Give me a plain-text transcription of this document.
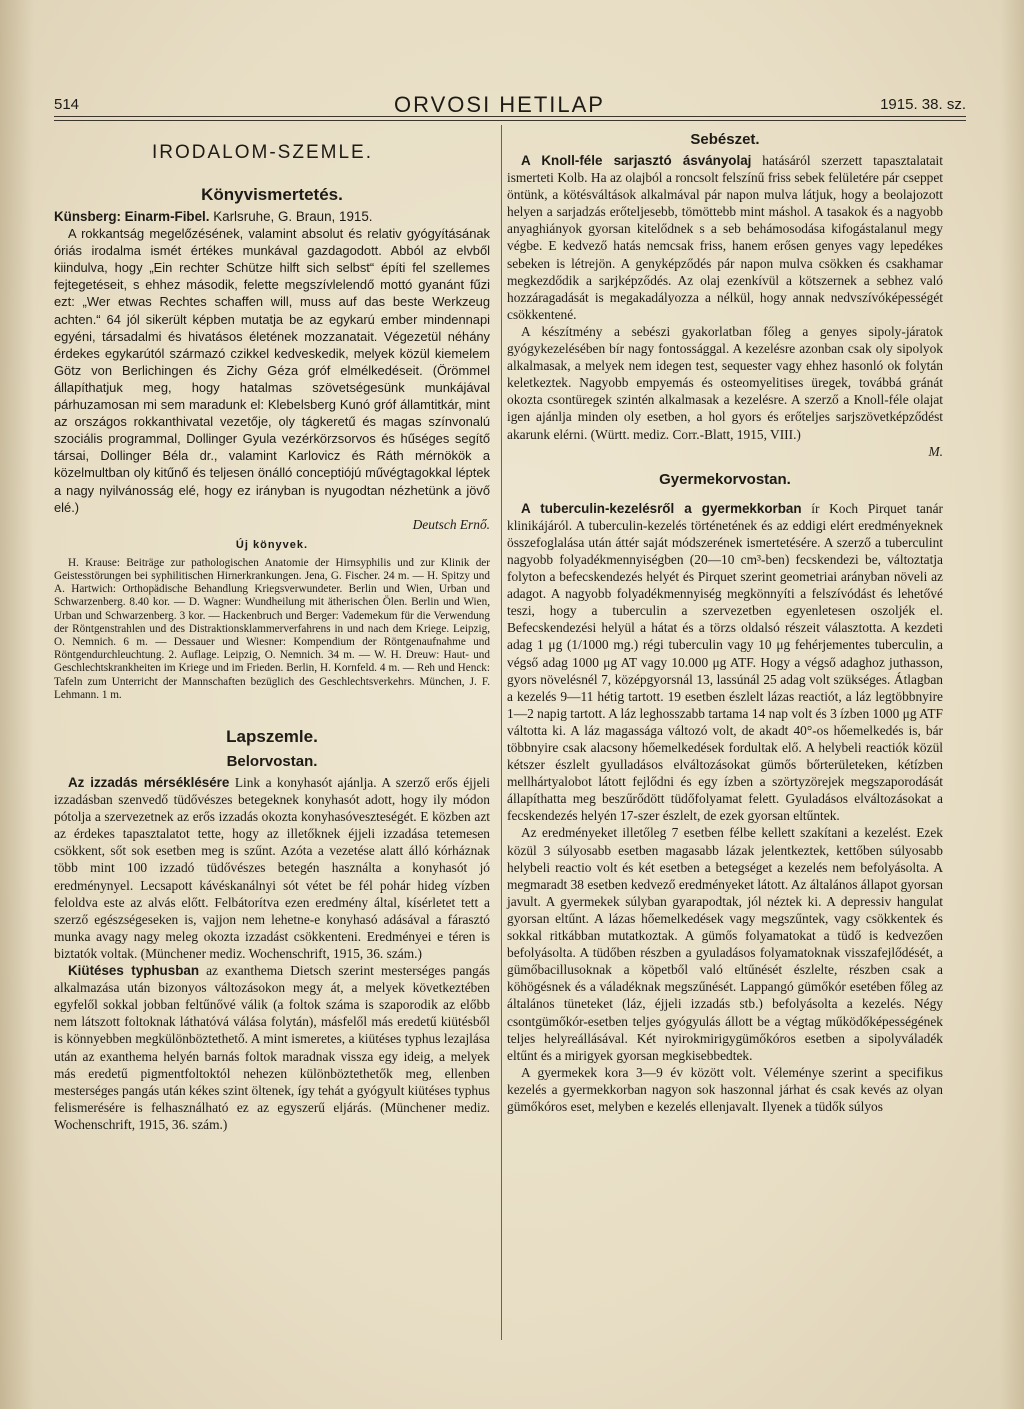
514	ORVOSI HETILAP	1915. 38. sz.
IRODALOM-SZEMLE.
Könyvismertetés.

Künsberg: Einarm-Fibel. Karlsruhe, G. Braun, 1915.

A rokkantság megelőzésének, valamint absolut és relativ gyógyításának óriás irodalma ismét értékes munkával gazdagodott. Abból az elvből kiindulva, hogy „Ein rechter Schütze hilft sich selbst“ építi fel szellemes fejtegetéseit, s ehhez második, felette megszívlelendő mottó gyanánt fűzi ezt: „Wer etwas Rechtes schaffen will, muss auf das beste Werkzeug achten.“ 64 jól sikerült képben mutatja be az egykarú ember mindennapi egyéni, társadalmi és hivatásos életének mozzanatait. Végezetül néhány érdekes egykarútól származó czikkel kedveskedik, melyek közül kiemelem Götz von Berlichingen és Zichy Géza gróf elmélkedéseit. (Örömmel állapíthatjuk meg, hogy hatalmas szövetségesünk munkájával párhuzamosan mi sem maradunk el: Klebelsberg Kunó gróf államtitkár, mint az országos rokkanthivatal vezetője, oly tágkeretű és magas színvonalú szociális programmal, Dollinger Gyula vezérkörzsorvos és hűséges segítő társai, Dollinger Béla dr., valamint Karlovicz és Ráth mérnökök a közelmultban oly kitűnő és teljesen önálló conceptiójú művégtagokkal léptek a nagy nyilvánosság elé, hogy ez irányban is nyugodtan nézhetünk a jövő elé.)

Deutsch Ernő.

Új könyvek.

H. Krause: Beiträge zur pathologischen Anatomie der Hirnsyphilis und zur Klinik der Geistesstörungen bei syphilitischen Hirnerkrankungen. Jena, G. Fischer. 24 m. — H. Spitzy und A. Hartwich: Orthopädische Behandlung Kriegsverwundeter. Berlin und Wien, Urban und Schwarzenberg. 8.40 kor. — D. Wagner: Wundheilung mit ätherischen Ölen. Berlin und Wien, Urban und Schwarzenberg. 3 kor. — Hackenbruch und Berger: Vademekum für die Verwendung der Röntgenstrahlen und des Distraktionsklammerverfahrens in und nach dem Kriege. Leipzig, O. Nemnich. 6 m. — Dessauer und Wiesner: Kompendium der Röntgenaufnahme und Röntgendurchleuchtung. 2. Auflage. Leipzig, O. Nemnich. 34 m. — W. H. Dreuw: Haut- und Geschlechtskrankheiten im Kriege und im Frieden. Berlin, H. Kornfeld. 4 m. — Reh und Henck: Tafeln zum Unterricht der Mannschaften bezüglich des Geschlechtsverkehrs. München, J. F. Lehmann. 1 m.

Lapszemle.
Belorvostan.

Az izzadás mérséklésére Link a konyhasót ajánlja. A szerző erős éjjeli izzadásban szenvedő tüdővészes betegeknek konyhasót adott, hogy ily módon pótolja a szervezetnek az erős izzadás okozta konyhasóveszteségét. E közben azt az érdekes tapasztalatot tette, hogy az illetőknek éjjeli izzadása tetemesen csökkent, sőt sok esetben meg is szűnt. Azóta a vezetése alatt álló kórháznak több mint 100 izzadó tüdővészes betegén használta a konyhasót jó eredménynyel. Lecsapott kávéskanálnyi sót vétet be fél pohár hideg vízben feloldva este az alvás előtt. Felbátorítva ezen eredmény által, kísérletet tett a szerző egészségeseken is, vajjon nem lehetne-e konyhasó adásával a fárasztó munka avagy nagy meleg okozta izzadást csökkenteni. Eredményei e téren is biztatók voltak. (Münchener mediz. Wochenschrift, 1915, 36. szám.)

Kiütéses typhusban az exanthema Dietsch szerint mesterséges pangás alkalmazása után bizonyos változásokon megy át, a melyek következtében egyfelől sokkal jobban feltűnővé válik (a foltok száma is szaporodik az előbb nem látszott foltoknak láthatóvá válása folytán), másfelől más eredetű kiütésből is könnyebben megkülönböztethető. A mint ismeretes, a kiütéses typhus lezajlása után az exanthema helyén barnás foltok maradnak vissza egy ideig, a melyek más eredetű pigmentfoltoktól nehezen különböztethetők meg, ellenben mesterséges pangás után kékes szint öltenek, így tehát a gyógyult kiütéses typhus felismerésére is felhasználható ez az egyszerű eljárás. (Münchener mediz. Wochenschrift, 1915, 36. szám.)

Sebészet.

A Knoll-féle sarjasztó ásványolaj hatásáról szerzett tapasztalatait ismerteti Kolb. Ha az olajból a roncsolt felszínű friss sebek felületére pár cseppet öntünk, a kötésváltások alkalmával pár napon mulva látjuk, hogy a beolajozott helyen a sarjadzás erőteljesebb, tömöttebb mint máshol. A tasakok és a nagyobb anyaghiányok gyorsan kitelődnek s a seb behámosodása kifogástalanul megy végbe. E kedvező hatás nemcsak friss, hanem erősen genyes vagy lepedékes sebeken is létrejön. A genyképződés pár napon mulva csökken és csakhamar megkezdődik a sarjképződés. Az olaj ezenkívül a kötszernek a sebhez való hozzáragadását is megakadályozza a nélkül, hogy annak nedvszívóképességét csökkentené.

A készítmény a sebészi gyakorlatban főleg a genyes sipoly-járatok gyógykezelésében bír nagy fontossággal. A kezelésre azonban csak oly sipolyok alkalmasak, a melyek nem idegen test, sequester vagy ehhez hasonló ok folytán keletkeztek. Nagyobb empyemás és osteomyelitises üregek, továbbá gránát okozta csontüregek szintén alkalmasak a kezelésre. A szerző a Knoll-féle olajat igen ajánlja minden oly esetben, a hol gyors és erőteljes sarjszövetképződést akarunk elérni. (Württ. mediz. Corr.-Blatt, 1915, VIII.)

M.

Gyermekorvostan.

A tuberculin-kezelésről a gyermekkorban ír Koch Pirquet tanár klinikájáról. A tuberculin-kezelés történetének és az eddigi elért eredményeknek összefoglalása után áttér saját módszerének ismertetésére. A szerző a tuberculint nagyobb folyadékmennyiségben (20—10 cm³-ben) fecskendezi be, változtatja folyton a befecskendezés helyét és Pirquet szerint geometriai arányban növeli az adagot. A nagyobb folyadékmennyiség megkönnyíti a felszívódást és lehetővé teszi, hogy a tuberculin a szervezetben egyenletesen oszoljék el. Befecskendezési helyül a hátat és a törzs oldalsó részeit választotta. A kezdeti adag 1 μg (1/1000 mg.) régi tuberculin vagy 10 μg fehérjementes tuberculin, a végső adag 1000 μg AT vagy 10.000 μg ATF. Hogy a végső adaghoz juthasson, gyors növelésnél 7, középgyorsnál 13, lassúnál 25 adag volt szükséges. Átlagban a kezelés 9—11 hétig tartott. 19 esetben észlelt lázas reactiót, a láz legtöbbnyire 1—2 napig tartott. A láz leghosszabb tartama 14 nap volt és 3 ízben 1000 μg ATF váltotta ki. A láz magassága változó volt, de akadt 40°-os hőemelkedés is, bár többnyire csak alacsony hőemelkedések fordultak elő. A helybeli reactiók közül kétszer észlelt gyulladásos elváltozásokat gümős bőrterületeken, kétízben mellhártyalobot látott fejlődni és egy ízben a szörtyzörejek megszaporodását állapíthatta meg beszűrődött tüdőfolyamat felett. Gyuladásos elváltozásokat a fecskendezés helyén 17-szer észlelt, de ezek gyorsan eltűntek.

Az eredményeket illetőleg 7 esetben félbe kellett szakítani a kezelést. Ezek közül 3 súlyosabb esetben magasabb lázak jelentkeztek, kettőben súlyosabb helybeli reactio volt és két esetben a betegséget a kezelés nem befolyásolta. A megmaradt 38 esetben kedvező eredményeket látott. Az általános állapot gyorsan javult. A gyermekek súlyban gyarapodtak, jól néztek ki. A depressiv hangulat gyorsan eltűnt. A lázas hőemelkedések vagy megszűntek, vagy csökkentek és sokkal ritkábban mutatkoztak. A gümős folyamatokat a tüdő is kedvezően befolyásolta. A tüdőben részben a gyuladásos folyamatoknak visszafejlődését, a gümőbacillusoknak a köpetből való eltűnését észlelte, részben csak a köhögésnek és a váladéknak megszűnését. Lappangó gümőkór esetében főleg az általános tüneteket (láz, éjjeli izzadás stb.) befolyásolta a kezelés. Négy csontgümőkór-esetben teljes gyógyulás állott be a végtag működőképességének teljes helyreállásával. Két nyirokmirigygümőkóros esetben a sipolyváladék eltűnt és a mirigyek gyorsan megkisebbedtek.

A gyermekek kora 3—9 év között volt. Véleménye szerint a specifikus kezelés a gyermekkorban nagyon sok haszonnal járhat és csak kevés az olyan gümőkóros eset, melyben e kezelés ellenjavalt. Ilyenek a tüdők súlyos
